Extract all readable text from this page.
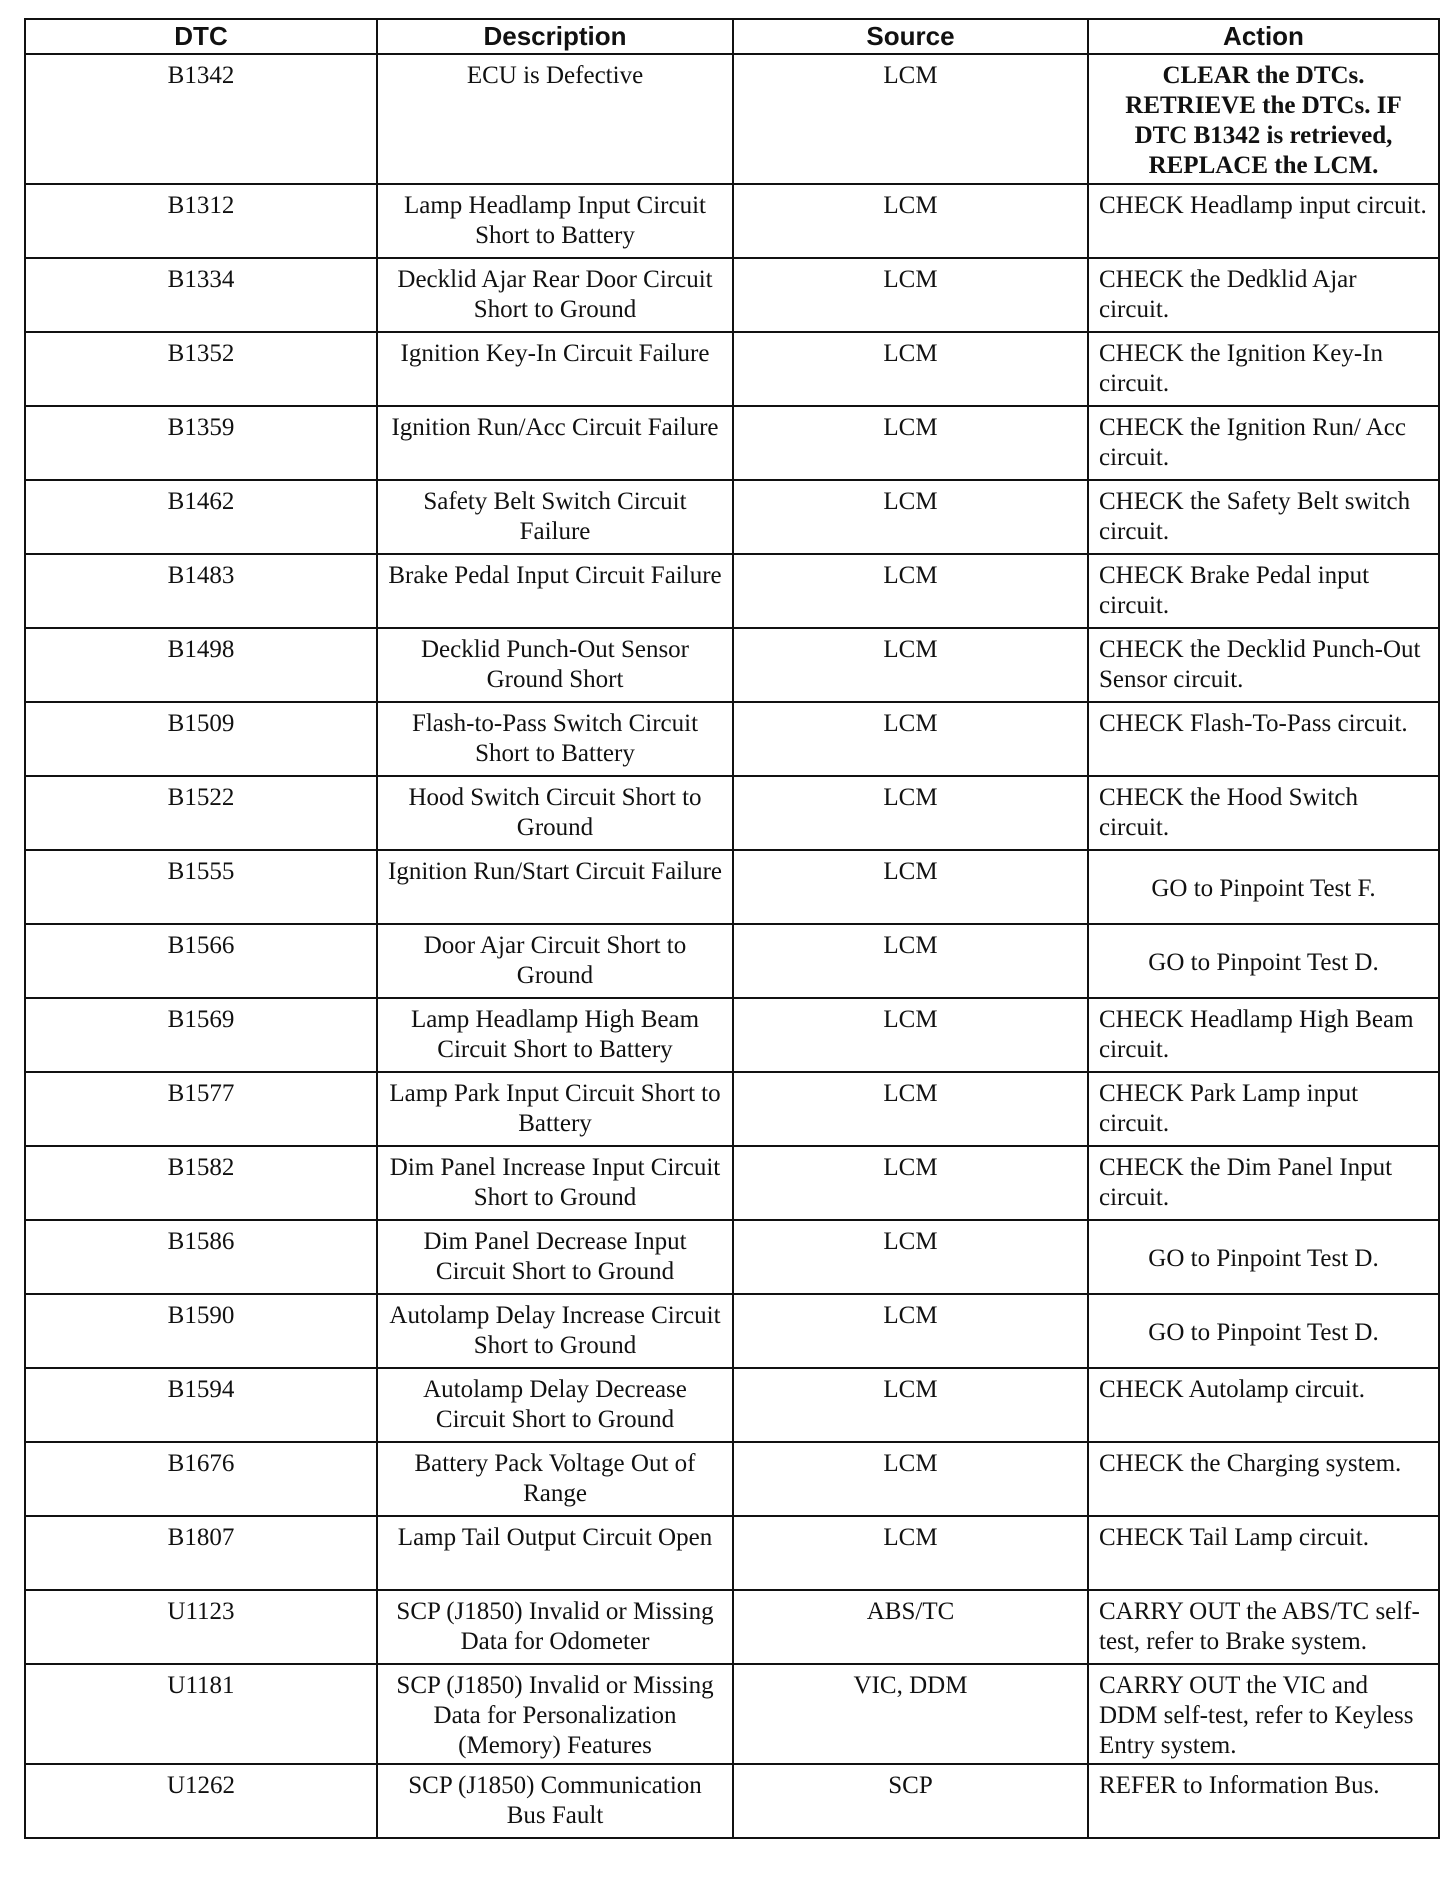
DTC	Description	Source	Action
B1342	ECU is Defective	LCM	CLEAR the DTCs. RETRIEVE the DTCs. IF DTC B1342 is retrieved, REPLACE the LCM.
B1312	Lamp Headlamp Input Circuit Short to Battery	LCM	CHECK Headlamp input circuit.
B1334	Decklid Ajar Rear Door Circuit Short to Ground	LCM	CHECK the Dedklid Ajar circuit.
B1352	Ignition Key-In Circuit Failure	LCM	CHECK the Ignition Key-In circuit.
B1359	Ignition Run/Acc Circuit Failure	LCM	CHECK the Ignition Run/ Acc circuit.
B1462	Safety Belt Switch Circuit Failure	LCM	CHECK the Safety Belt switch circuit.
B1483	Brake Pedal Input Circuit Failure	LCM	CHECK Brake Pedal input circuit.
B1498	Decklid Punch-Out Sensor Ground Short	LCM	CHECK the Decklid Punch-Out Sensor circuit.
B1509	Flash-to-Pass Switch Circuit Short to Battery	LCM	CHECK Flash-To-Pass circuit.
B1522	Hood Switch Circuit Short to Ground	LCM	CHECK the Hood Switch circuit.
B1555	Ignition Run/Start Circuit Failure	LCM	GO to Pinpoint Test F.
B1566	Door Ajar Circuit Short to Ground	LCM	GO to Pinpoint Test D.
B1569	Lamp Headlamp High Beam Circuit Short to Battery	LCM	CHECK Headlamp High Beam circuit.
B1577	Lamp Park Input Circuit Short to Battery	LCM	CHECK Park Lamp input circuit.
B1582	Dim Panel Increase Input Circuit Short to Ground	LCM	CHECK the Dim Panel Input circuit.
B1586	Dim Panel Decrease Input Circuit Short to Ground	LCM	GO to Pinpoint Test D.
B1590	Autolamp Delay Increase Circuit Short to Ground	LCM	GO to Pinpoint Test D.
B1594	Autolamp Delay Decrease Circuit Short to Ground	LCM	CHECK Autolamp circuit.
B1676	Battery Pack Voltage Out of Range	LCM	CHECK the Charging system.
B1807	Lamp Tail Output Circuit Open	LCM	CHECK Tail Lamp circuit.
U1123	SCP (J1850) Invalid or Missing Data for Odometer	ABS/TC	CARRY OUT the ABS/TC self-test, refer to Brake system.
U1181	SCP (J1850) Invalid or Missing Data for Personalization (Memory) Features	VIC, DDM	CARRY OUT the VIC and DDM self-test, refer to Keyless Entry system.
U1262	SCP (J1850) Communication Bus Fault	SCP	REFER to Information Bus.
